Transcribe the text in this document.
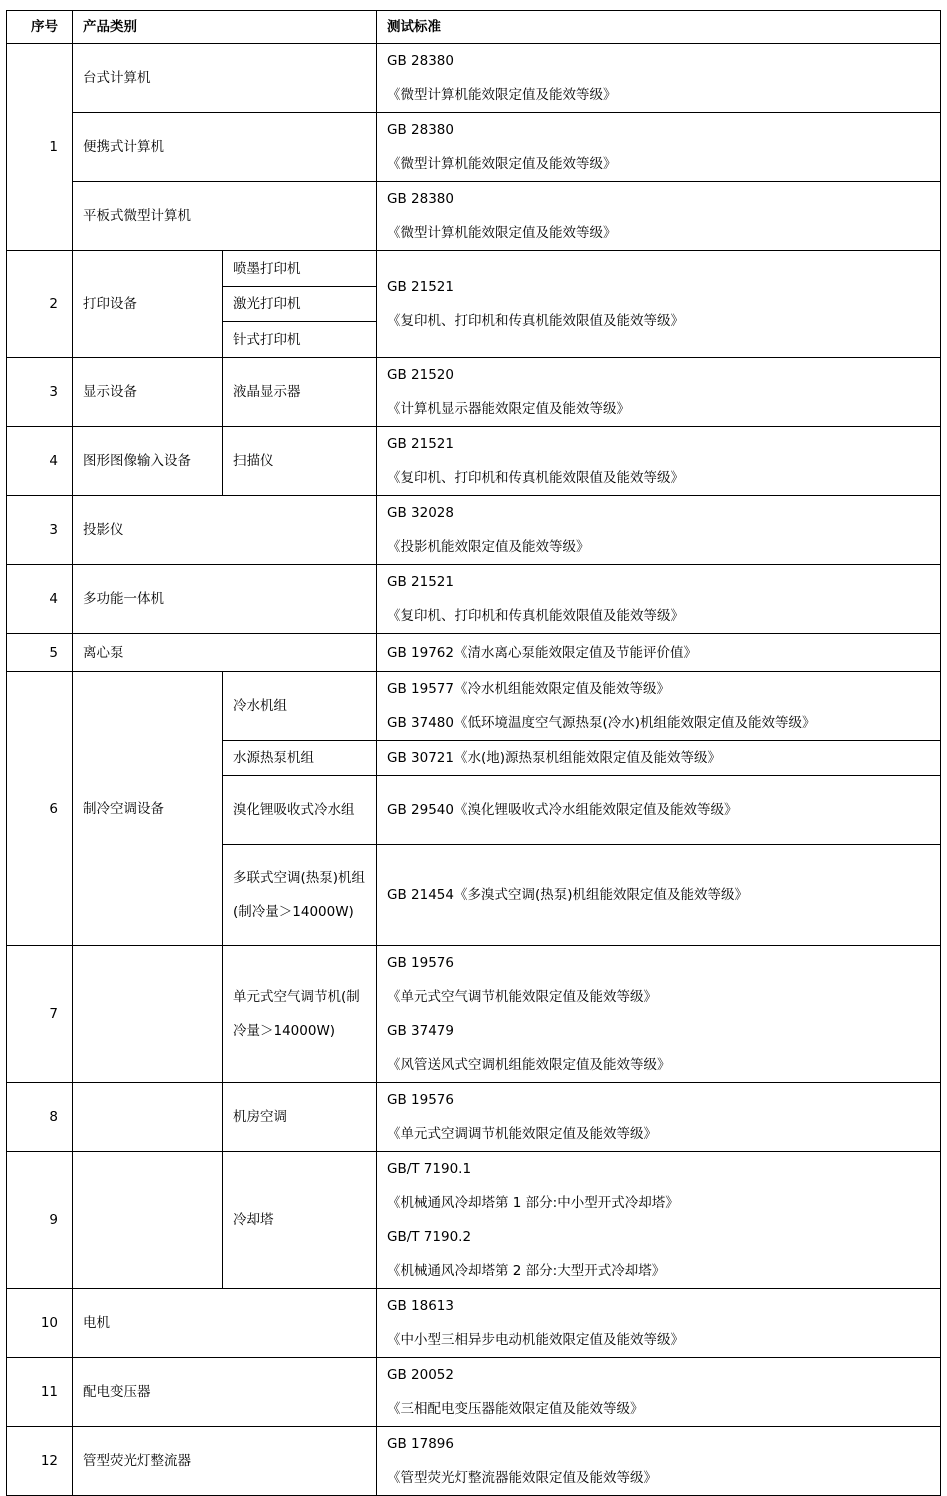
序号	产品类别		测试标准
1	台式计算机		GB 28380
《微型计算机能效限定值及能效等级》

	便携式计算机		GB 28380
《微型计算机能效限定值及能效等级》

	平板式微型计算机		GB 28380
《微型计算机能效限定值及能效等级》

2	打印设备	喷墨打印机	GB 21521
《复印机、打印机和传真机能效限值及能效等级》

		激光打印机	
		针式打印机	
3	显示设备	液晶显示器	GB 21520
《计算机显示器能效限定值及能效等级》

4	图形图像输入设备	扫描仪	GB 21521
《复印机、打印机和传真机能效限值及能效等级》

3	投影仪		GB 32028
《投影机能效限定值及能效等级》

4	多功能一体机		GB 21521
《复印机、打印机和传真机能效限值及能效等级》

5	离心泵		GB 19762《清水离心泵能效限定值及节能评价值》

6	制冷空调设备	冷水机组	GB 19577《冷水机组能效限定值及能效等级》
GB 37480《低环境温度空气源热泵(冷水)机组能效限定值及能效等级》

		水源热泵机组	GB 30721《水(地)源热泵机组能效限定值及能效等级》

		溴化锂吸收式冷水组	GB 29540《溴化锂吸收式冷水组能效限定值及能效等级》

		多联式空调(热泵)机组(制冷量＞14000W)	GB 21454《多溴式空调(热泵)机组能效限定值及能效等级》

7		单元式空气调节机(制冷量＞14000W)	GB 19576
《单元式空气调节机能效限定值及能效等级》
GB 37479
《风管送风式空调机组能效限定值及能效等级》

8		机房空调	GB 19576
《单元式空调调节机能效限定值及能效等级》

9		冷却塔	GB/T 7190.1
《机械通风冷却塔第 1 部分:中小型开式冷却塔》
GB/T 7190.2
《机械通风冷却塔第 2 部分:大型开式冷却塔》

10	电机		GB 18613
《中小型三相异步电动机能效限定值及能效等级》

11	配电变压器		GB 20052
《三相配电变压器能效限定值及能效等级》

12	管型荧光灯整流器		GB 17896
《管型荧光灯整流器能效限定值及能效等级》
